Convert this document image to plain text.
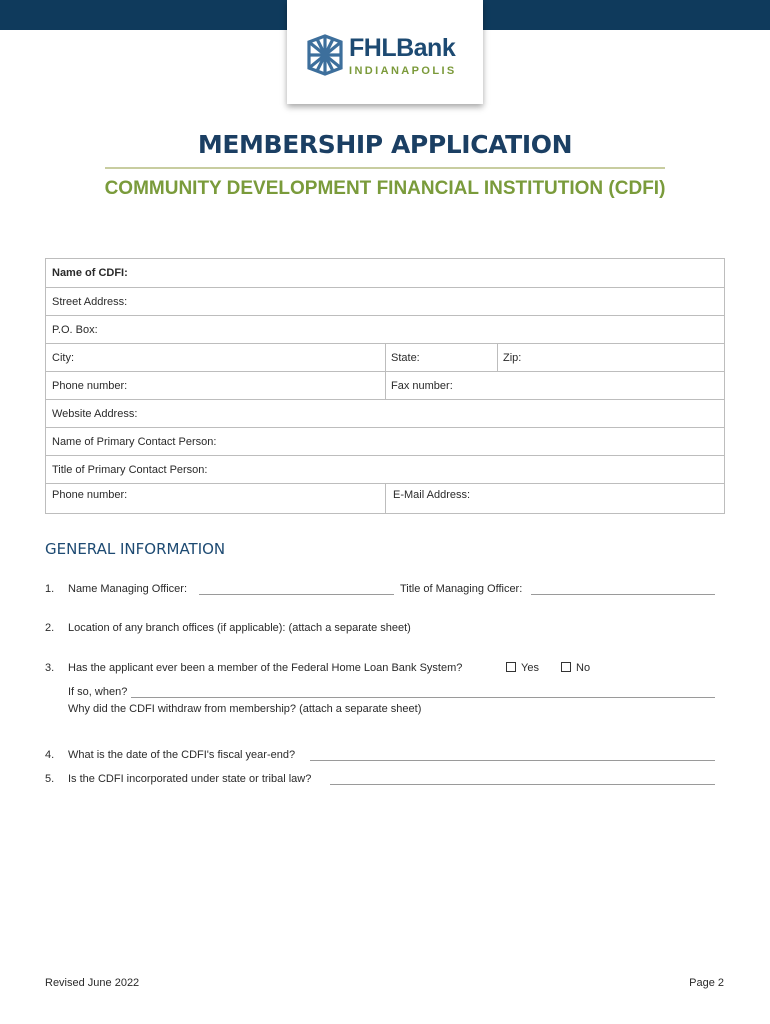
FHLBank
INDIANAPOLIS
MEMBERSHIP APPLICATION
COMMUNITY DEVELOPMENT FINANCIAL INSTITUTION (CDFI)
Name of CDFI:
Street Address:
P.O. Box:
City:	State:	Zip:
Phone number:	Fax number:
Website Address:
Name of Primary Contact Person:
Title of Primary Contact Person:
Phone number:	E-Mail Address:
GENERAL INFORMATION
1. Name Managing Officer:	Title of Managing Officer:
2. Location of any branch offices (if applicable): (attach a separate sheet)
3. Has the applicant ever been a member of the Federal Home Loan Bank System?	Yes	No
If so, when?
Why did the CDFI withdraw from membership? (attach a separate sheet)
4. What is the date of the CDFI's fiscal year-end?
5. Is the CDFI incorporated under state or tribal law?
Revised June 2022	Page 2
